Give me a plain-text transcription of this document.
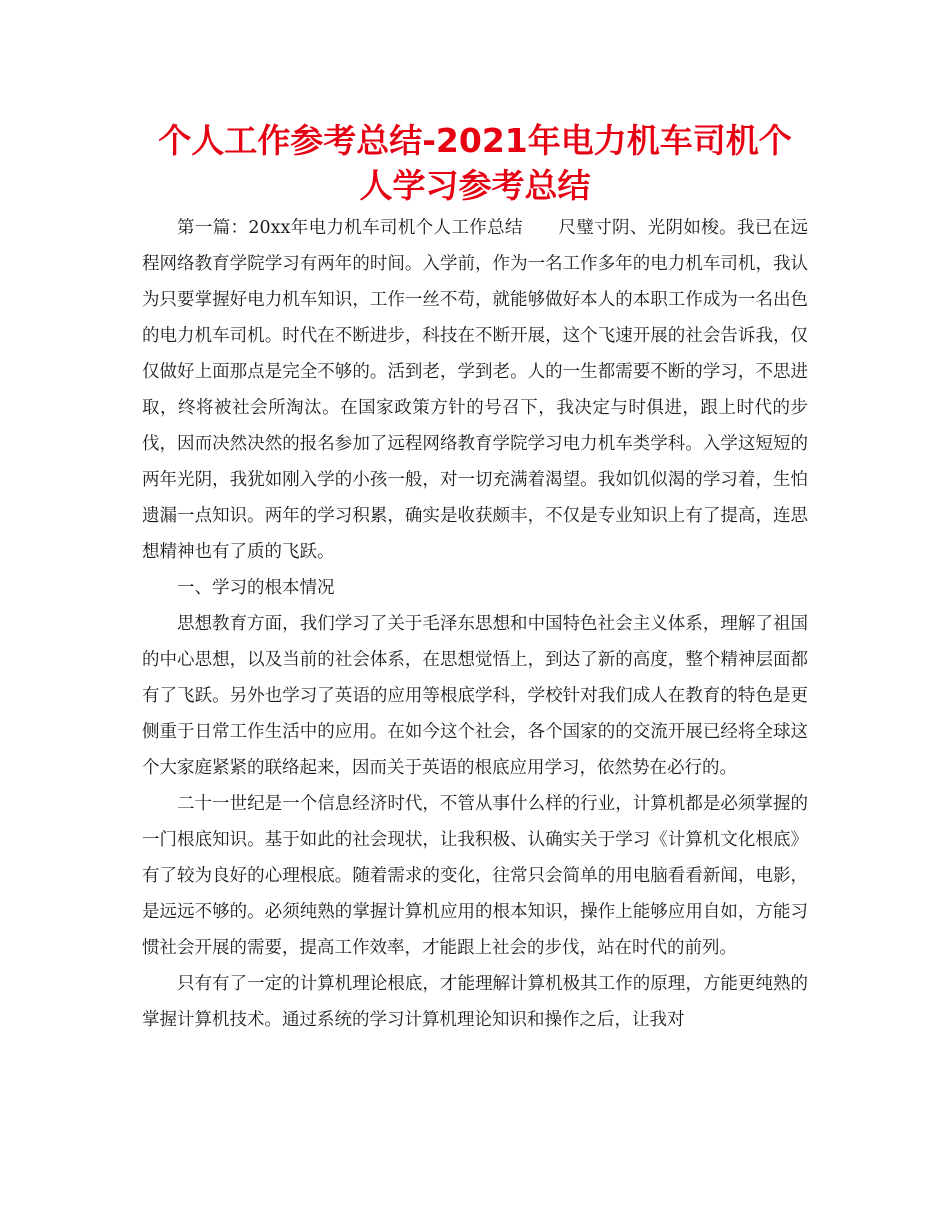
个人工作参考总结-2021年电力机车司机个人学习参考总结

第一篇：20xx年电力机车司机个人工作总结　　尺璧寸阴、光阴如梭。我已在远程网络教育学院学习有两年的时间。入学前，作为一名工作多年的电力机车司机，我认为只要掌握好电力机车知识，工作一丝不苟，就能够做好本人的本职工作成为一名出色的电力机车司机。时代在不断进步，科技在不断开展，这个飞速开展的社会告诉我，仅仅做好上面那点是完全不够的。活到老，学到老。人的一生都需要不断的学习，不思进取，终将被社会所淘汰。在国家政策方针的号召下，我决定与时俱进，跟上时代的步伐，因而决然决然的报名参加了远程网络教育学院学习电力机车类学科。入学这短短的两年光阴，我犹如刚入学的小孩一般，对一切充满着渴望。我如饥似渴的学习着，生怕遗漏一点知识。两年的学习积累，确实是收获颇丰，不仅是专业知识上有了提高，连思想精神也有了质的飞跃。

一、学习的根本情况

思想教育方面，我们学习了关于毛泽东思想和中国特色社会主义体系，理解了祖国的中心思想，以及当前的社会体系，在思想觉悟上，到达了新的高度，整个精神层面都有了飞跃。另外也学习了英语的应用等根底学科，学校针对我们成人在教育的特色是更侧重于日常工作生活中的应用。在如今这个社会，各个国家的的交流开展已经将全球这个大家庭紧紧的联络起来，因而关于英语的根底应用学习，依然势在必行的。

二十一世纪是一个信息经济时代，不管从事什么样的行业，计算机都是必须掌握的一门根底知识。基于如此的社会现状，让我积极、认确实关于学习《计算机文化根底》有了较为良好的心理根底。随着需求的变化，往常只会简单的用电脑看看新闻，电影，是远远不够的。必须纯熟的掌握计算机应用的根本知识，操作上能够应用自如，方能习惯社会开展的需要，提高工作效率，才能跟上社会的步伐，站在时代的前列。

只有有了一定的计算机理论根底，才能理解计算机极其工作的原理，方能更纯熟的掌握计算机技术。通过系统的学习计算机理论知识和操作之后，让我对
